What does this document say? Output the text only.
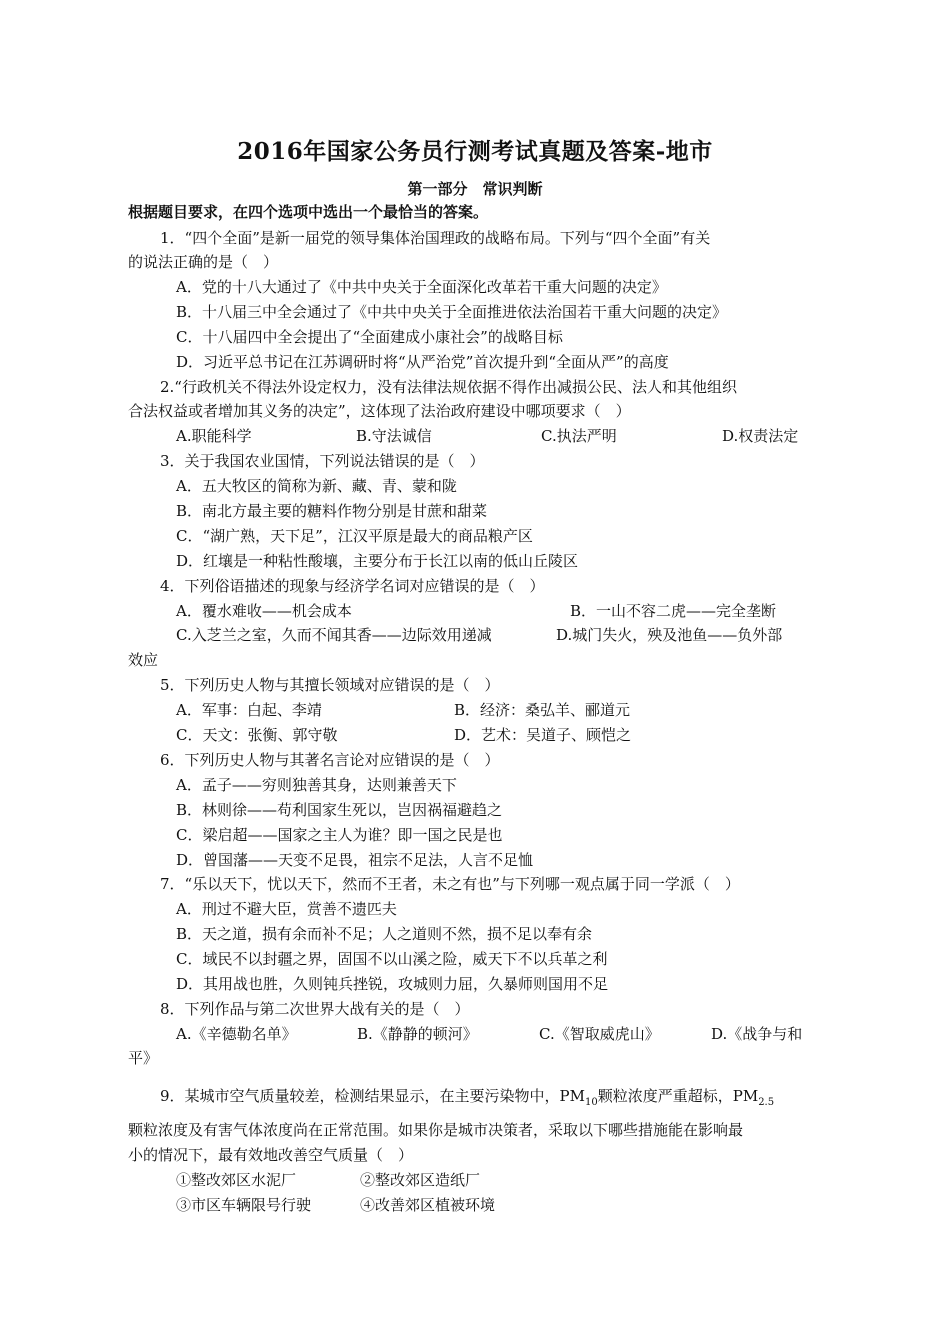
2016年国家公务员行测考试真题及答案-地市
第一部分　常识判断
根据题目要求，在四个选项中选出一个最恰当的答案。
1．“四个全面”是新一届党的领导集体治国理政的战略布局。下列与“四个全面”有关
的说法正确的是（　）
A．党的十八大通过了《中共中央关于全面深化改革若干重大问题的决定》
B．十八届三中全会通过了《中共中央关于全面推进依法治国若干重大问题的决定》
C．十八届四中全会提出了“全面建成小康社会”的战略目标
D．习近平总书记在江苏调研时将“从严治党”首次提升到“全面从严”的高度
2.“行政机关不得法外设定权力，没有法律法规依据不得作出减损公民、法人和其他组织
合法权益或者增加其义务的决定”，这体现了法治政府建设中哪项要求（　）
A.职能科学	B.守法诚信	C.执法严明	D.权责法定
3．关于我国农业国情，下列说法错误的是（　）
A．五大牧区的简称为新、藏、青、蒙和陇
B．南北方最主要的糖料作物分别是甘蔗和甜菜
C．“湖广熟，天下足”，江汉平原是最大的商品粮产区
D．红壤是一种粘性酸壤，主要分布于长江以南的低山丘陵区
4．下列俗语描述的现象与经济学名词对应错误的是（　）
A．覆水难收——机会成本	B．一山不容二虎——完全垄断
C.入芝兰之室，久而不闻其香——边际效用递减	D.城门失火，殃及池鱼——负外部
效应
5．下列历史人物与其擅长领域对应错误的是（　）
A．军事：白起、李靖	B．经济：桑弘羊、郦道元
C．天文：张衡、郭守敬	D．艺术：吴道子、顾恺之
6．下列历史人物与其著名言论对应错误的是（　）
A．孟子——穷则独善其身，达则兼善天下
B．林则徐——苟利国家生死以，岂因祸福避趋之
C．梁启超——国家之主人为谁？即一国之民是也
D．曾国藩——天变不足畏，祖宗不足法，人言不足恤
7．“乐以天下，忧以天下，然而不王者，未之有也”与下列哪一观点属于同一学派（　）
A．刑过不避大臣，赏善不遗匹夫
B．天之道，损有余而补不足；人之道则不然，损不足以奉有余
C．域民不以封疆之界，固国不以山溪之险，威天下不以兵革之利
D．其用战也胜，久则钝兵挫锐，攻城则力屈，久暴师则国用不足
8．下列作品与第二次世界大战有关的是（　）
A.《辛德勒名单》	B.《静静的顿河》	C.《智取威虎山》	D.《战争与和
平》
9．某城市空气质量较差，检测结果显示，在主要污染物中，$PM_{10}$颗粒浓度严重超标，$PM_{2.5}$
颗粒浓度及有害气体浓度尚在正常范围。如果你是城市决策者，采取以下哪些措施能在影响最
小的情况下，最有效地改善空气质量（　）
①整改郊区水泥厂	②整改郊区造纸厂
③市区车辆限号行驶	④改善郊区植被环境
